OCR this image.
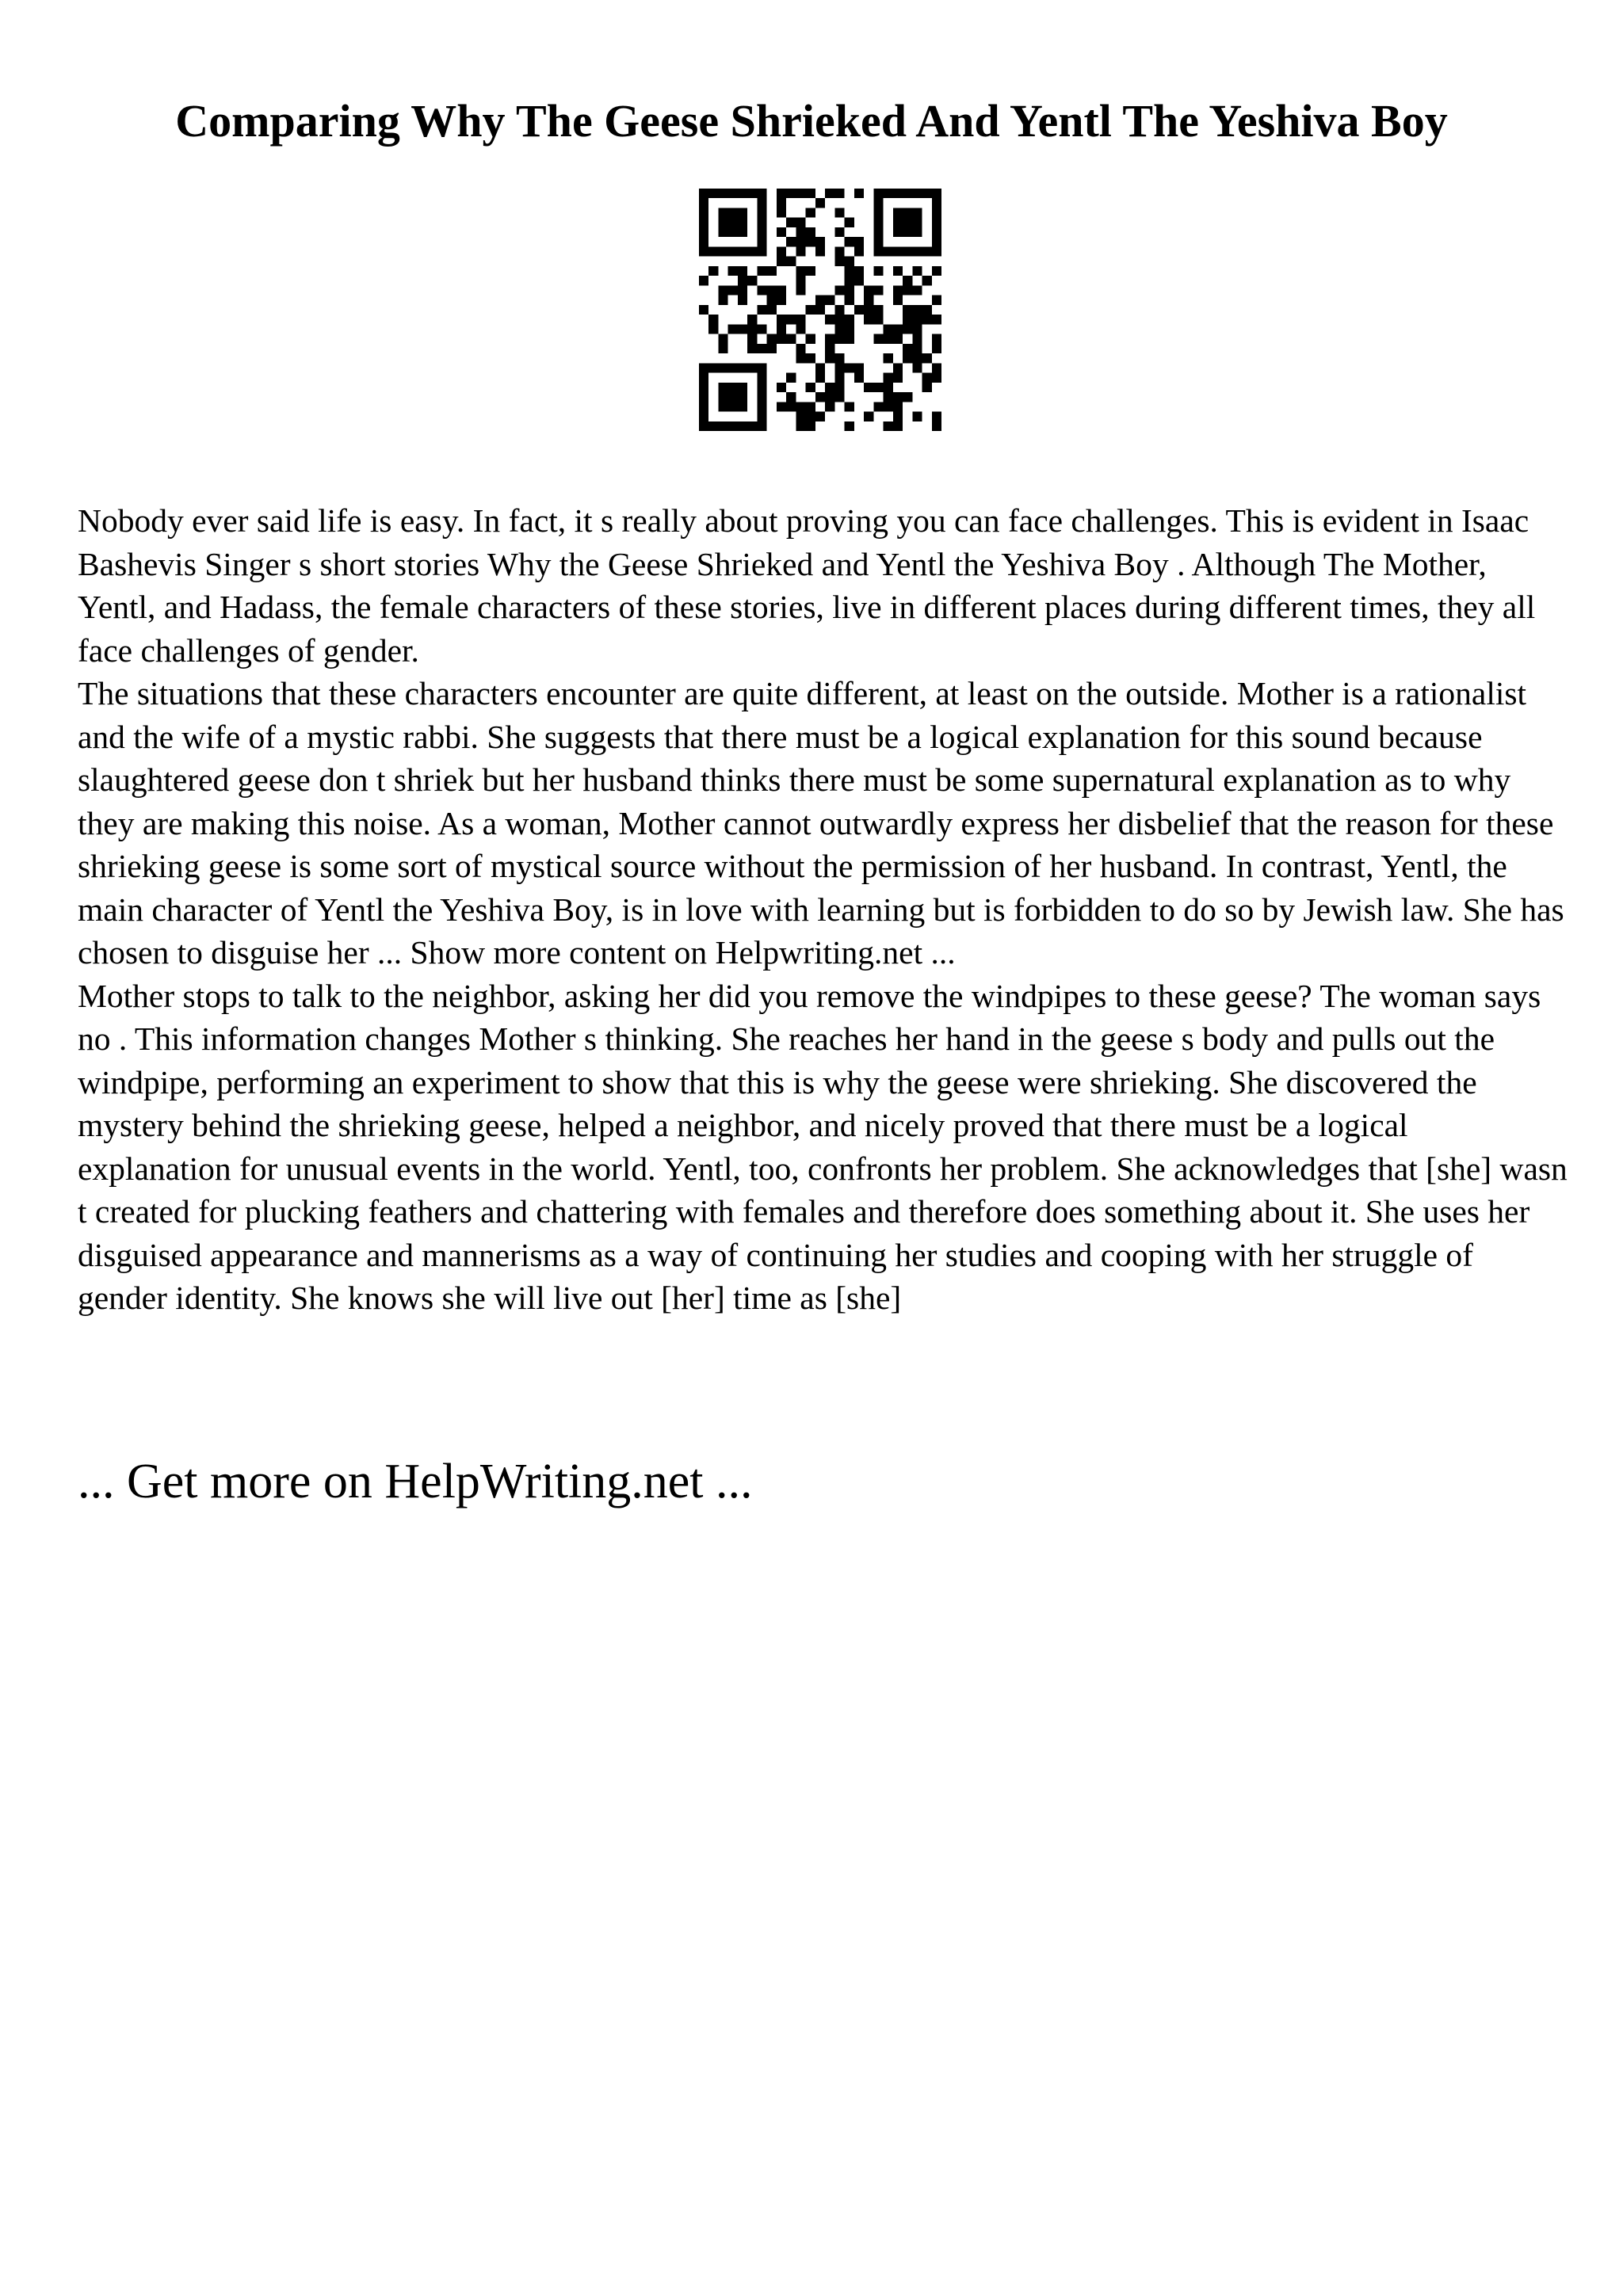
Comparing Why The Geese Shrieked And Yentl The Yeshiva Boy

Nobody ever said life is easy. In fact, it s really about proving you can face challenges. This is evident in Isaac Bashevis Singer s short stories Why the Geese Shrieked and Yentl the Yeshiva Boy . Although The Mother, Yentl, and Hadass, the female characters of these stories, live in different places during different times, they all face challenges of gender.

The situations that these characters encounter are quite different, at least on the outside. Mother is a rationalist and the wife of a mystic rabbi. She suggests that there must be a logical explanation for this sound because slaughtered geese don t shriek but her husband thinks there must be some supernatural explanation as to why they are making this noise. As a woman, Mother cannot outwardly express her disbelief that the reason for these shrieking geese is some sort of mystical source without the permission of her husband. In contrast, Yentl, the main character of Yentl the Yeshiva Boy, is in love with learning but is forbidden to do so by Jewish law. She has chosen to disguise her ... Show more content on Helpwriting.net ...

Mother stops to talk to the neighbor, asking her did you remove the windpipes to these geese? The woman says no . This information changes Mother s thinking. She reaches her hand in the geese s body and pulls out the windpipe, performing an experiment to show that this is why the geese were shrieking. She discovered the mystery behind the shrieking geese, helped a neighbor, and nicely proved that there must be a logical explanation for unusual events in the world. Yentl, too, confronts her problem. She acknowledges that [she] wasn t created for plucking feathers and chattering with females and therefore does something about it. She uses her disguised appearance and mannerisms as a way of continuing her studies and cooping with her struggle of gender identity. She knows she will live out [her] time as [she]

... Get more on HelpWriting.net ...
